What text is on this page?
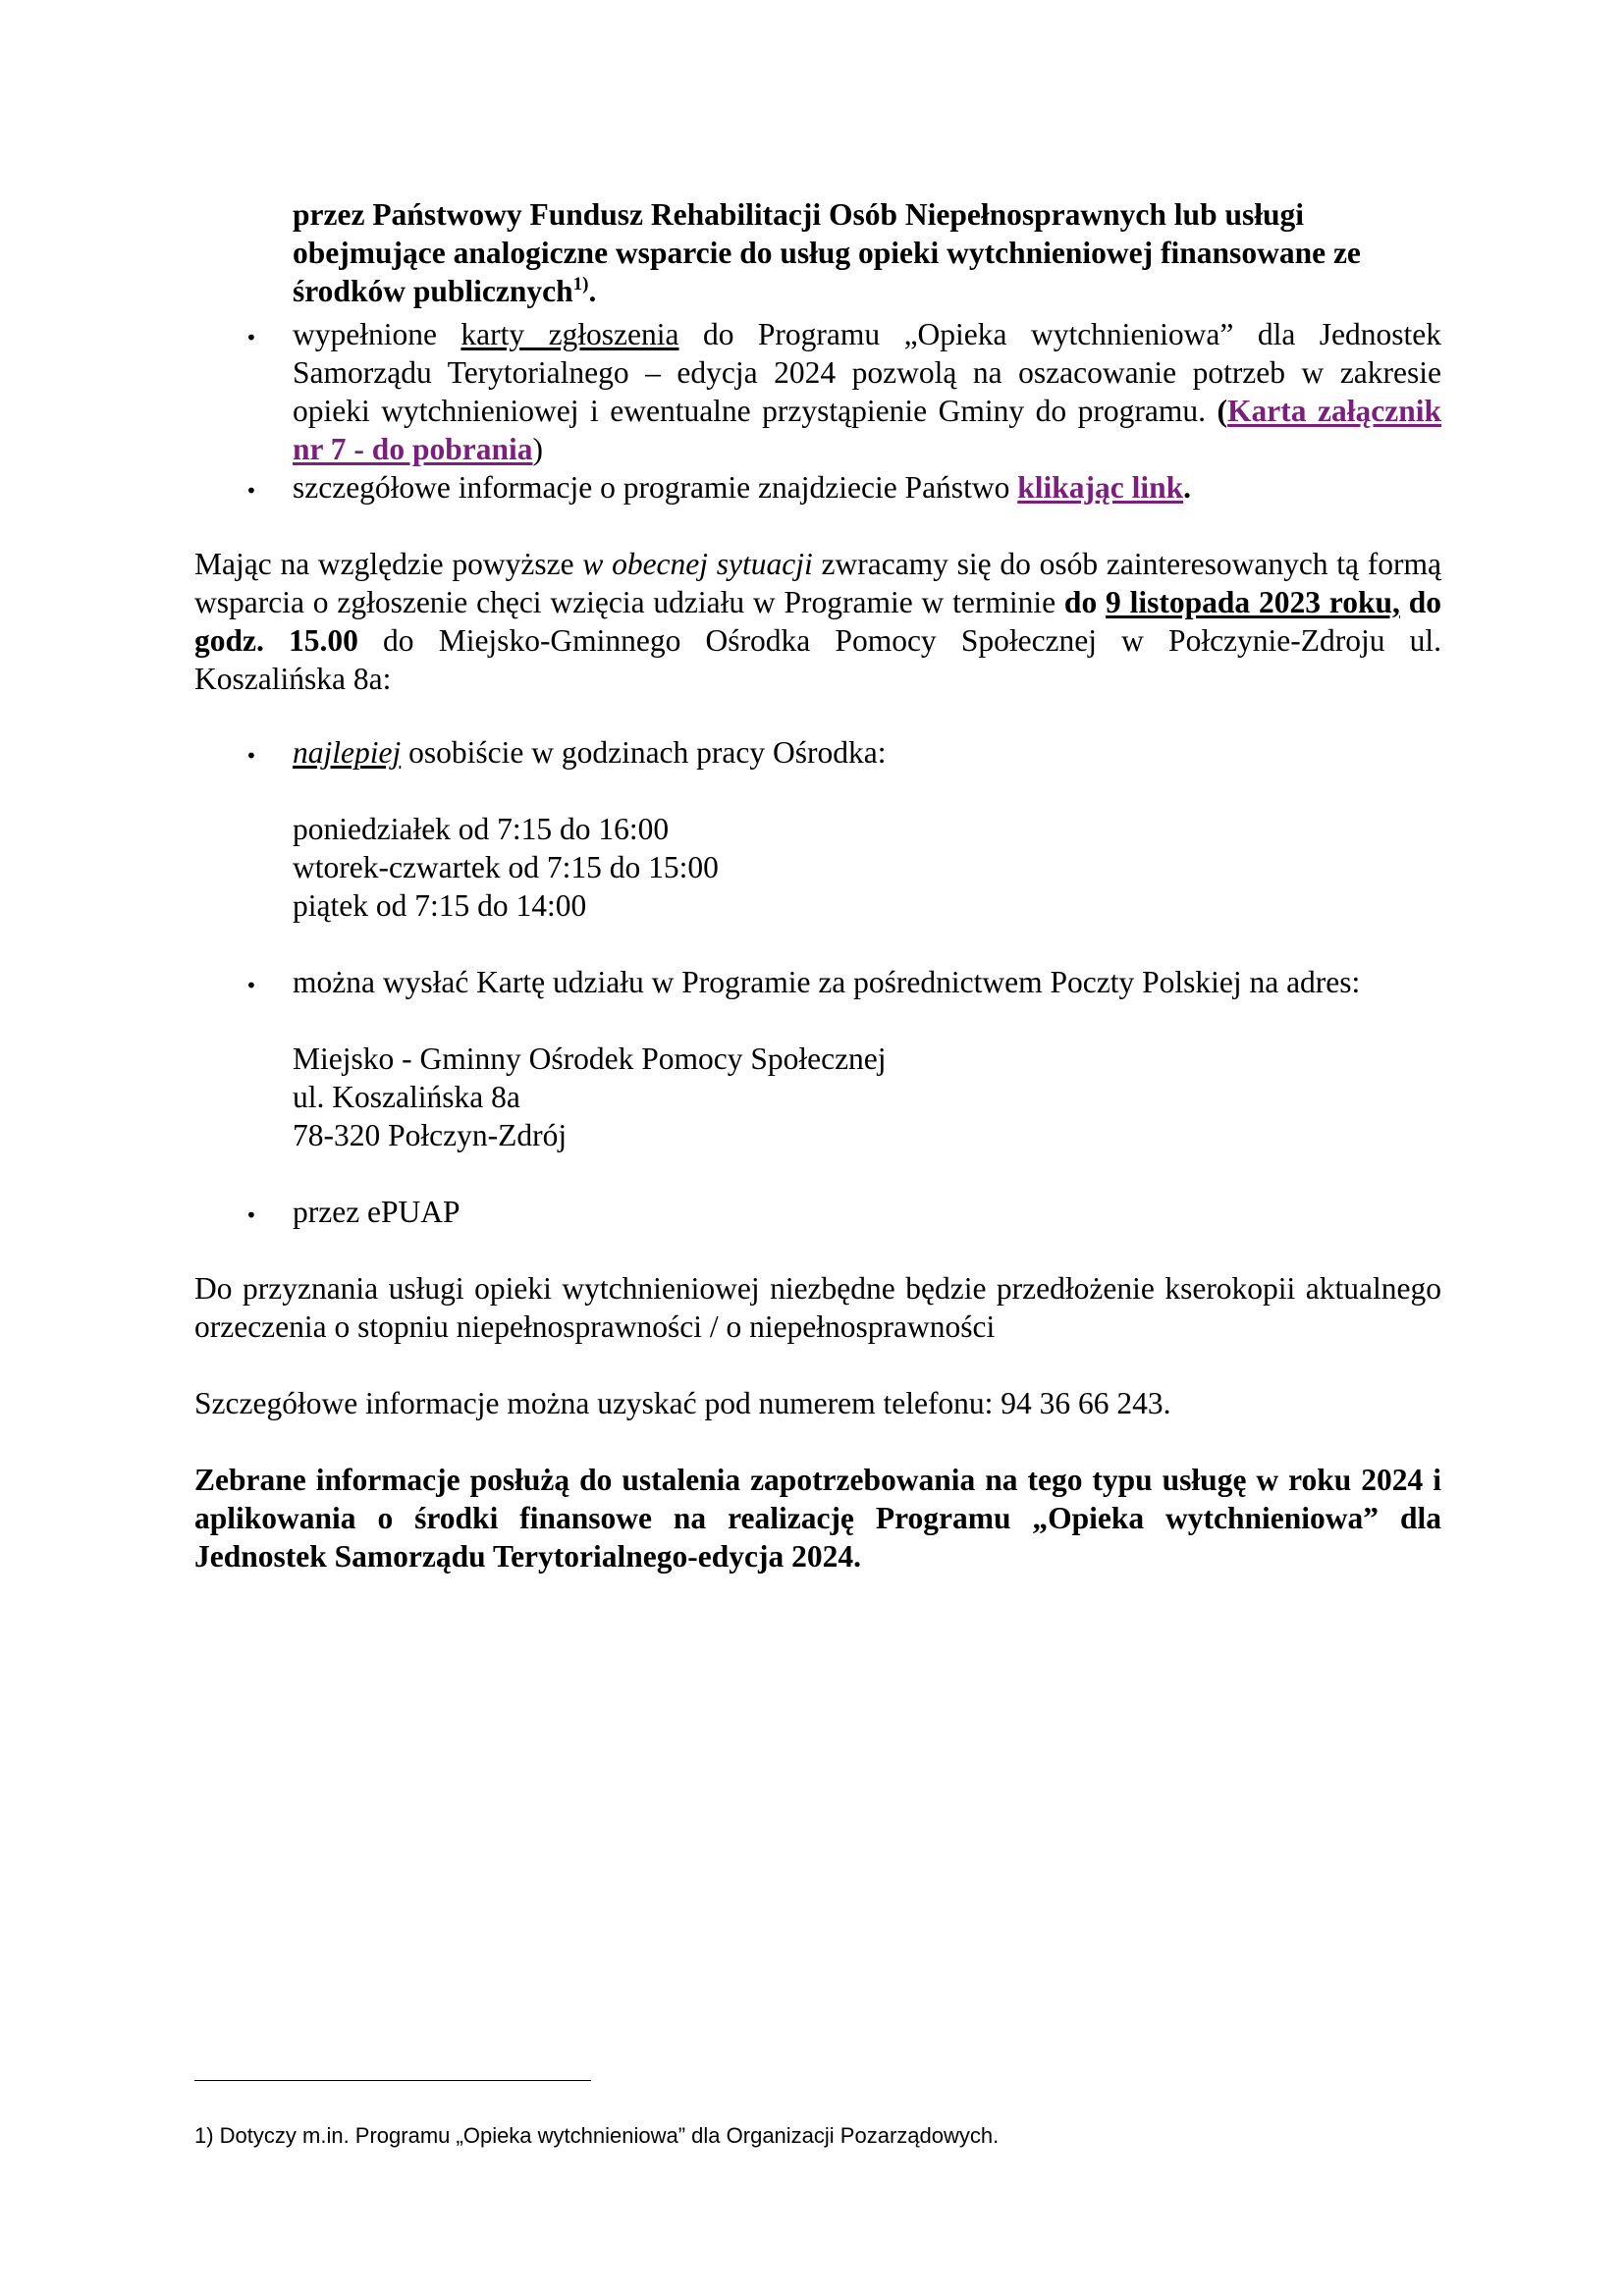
przez Państwowy Fundusz Rehabilitacji Osób Niepełnosprawnych lub usługi
obejmujące analogiczne wsparcie do usług opieki wytchnieniowej finansowane ze
środków publicznych$^{1)}$.
• wypełnione karty zgłoszenia do Programu „Opieka wytchnieniowa” dla Jednostek Samorządu Terytorialnego – edycja 2024 pozwolą na oszacowanie potrzeb w zakresie opieki wytchnieniowej i ewentualne przystąpienie Gminy do programu. (Karta załącznik nr 7 - do pobrania)
• szczegółowe informacje o programie znajdziecie Państwo klikając link.
Mając na względzie powyższe w obecnej sytuacji zwracamy się do osób zainteresowanych tą formą wsparcia o zgłoszenie chęci wzięcia udziału w Programie w terminie do 9 listopada 2023 roku, do godz. 15.00 do Miejsko-Gminnego Ośrodka Pomocy Społecznej w Połczynie-Zdroju ul. Koszalińska 8a:
• najlepiej osobiście w godzinach pracy Ośrodka:
poniedziałek od 7:15 do 16:00
wtorek-czwartek od 7:15 do 15:00
piątek od 7:15 do 14:00
• można wysłać Kartę udziału w Programie za pośrednictwem Poczty Polskiej na adres:
Miejsko - Gminny Ośrodek Pomocy Społecznej
ul. Koszalińska 8a
78-320 Połczyn-Zdrój
• przez ePUAP
Do przyznania usługi opieki wytchnieniowej niezbędne będzie przedłożenie kserokopii aktualnego orzeczenia o stopniu niepełnosprawności / o niepełnosprawności
Szczegółowe informacje można uzyskać pod numerem telefonu: 94 36 66 243.
Zebrane informacje posłużą do ustalenia zapotrzebowania na tego typu usługę w roku 2024 i aplikowania o środki finansowe na realizację Programu „Opieka wytchnieniowa” dla Jednostek Samorządu Terytorialnego-edycja 2024.
1) Dotyczy m.in. Programu „Opieka wytchnieniowa” dla Organizacji Pozarządowych.
